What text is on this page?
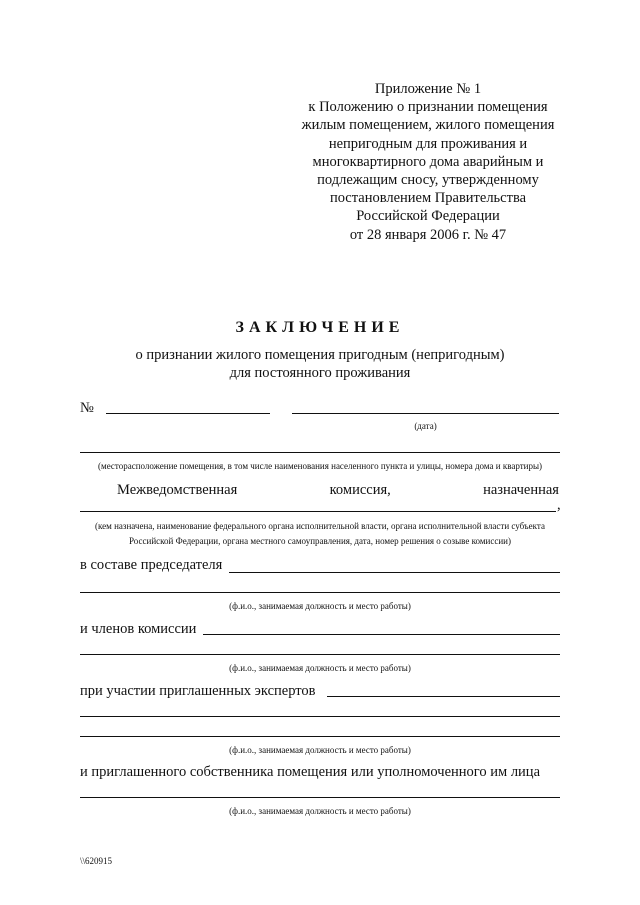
Приложение № 1
к Положению о признании помещения
жилым помещением, жилого помещения
непригодным для проживания и
многоквартирного дома аварийным и
подлежащим сносу, утвержденному
постановлением Правительства
Российской Федерации
от 28 января 2006 г. № 47
ЗАКЛЮЧЕНИЕ
о признании жилого помещения пригодным (непригодным)
для постоянного проживания
№
(дата)
(месторасположение помещения, в том числе наименования населенного пункта и улицы, номера дома и квартиры)
Межведомственная	комиссия,	назначенная
,
(кем назначена, наименование федерального органа исполнительной власти, органа исполнительной власти субъекта
Российской Федерации, органа местного самоуправления, дата, номер решения о созыве комиссии)
в составе председателя
(ф.и.о., занимаемая должность и место работы)
и членов комиссии
(ф.и.о., занимаемая должность и место работы)
при участии приглашенных экспертов
(ф.и.о., занимаемая должность и место работы)
и приглашенного собственника помещения или уполномоченного им лица
(ф.и.о., занимаемая должность и место работы)
\\620915
